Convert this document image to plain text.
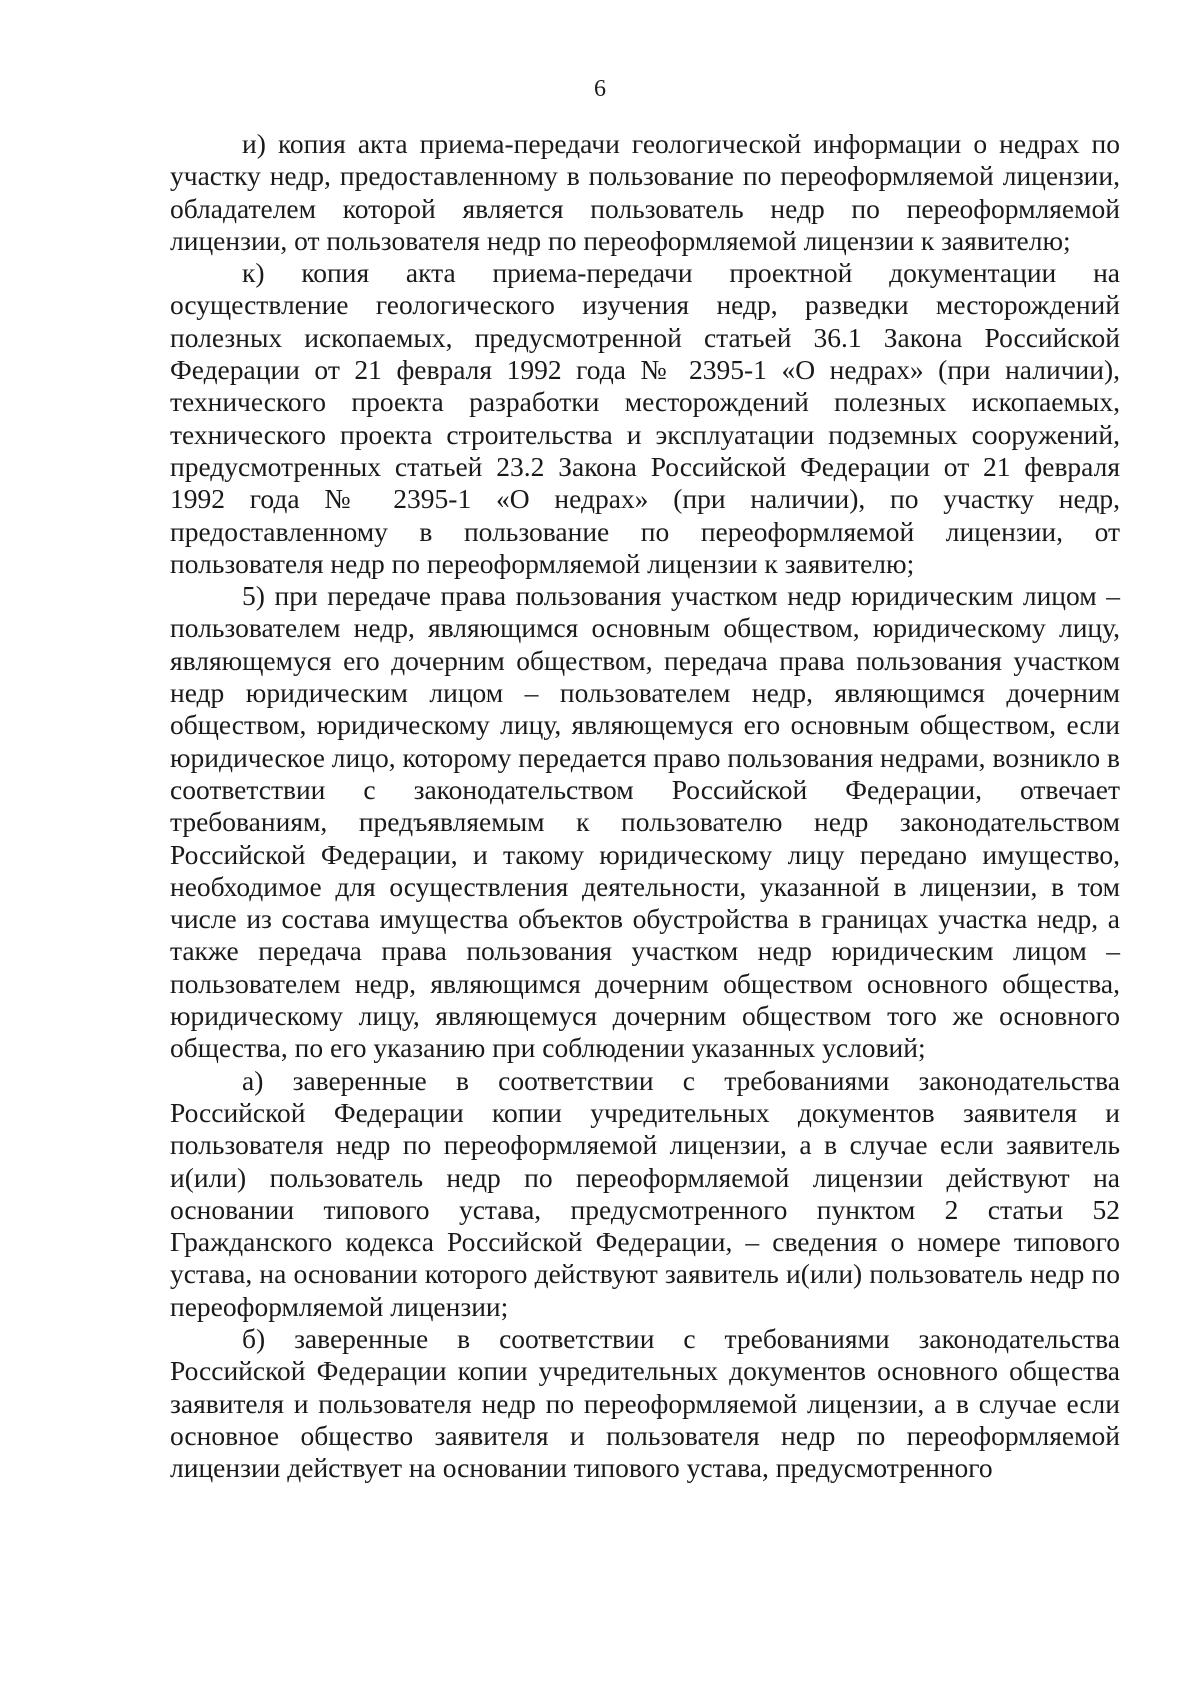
6

и) копия акта приема-передачи геологической информации о недрах по участку недр, предоставленному в пользование по переоформляемой лицензии, обладателем которой является пользователь недр по переоформляемой лицензии, от пользователя недр по переоформляемой лицензии к заявителю;

к) копия акта приема-передачи проектной документации на осуществление геологического изучения недр, разведки месторождений полезных ископаемых, предусмотренной статьей 36.1 Закона Российской Федерации от 21 февраля 1992 года № 2395-1 «О недрах» (при наличии), технического проекта разработки месторождений полезных ископаемых, технического проекта строительства и эксплуатации подземных сооружений, предусмотренных статьей 23.2 Закона Российской Федерации от 21 февраля 1992 года № 2395-1 «О недрах» (при наличии), по участку недр, предоставленному в пользование по переоформляемой лицензии, от пользователя недр по переоформляемой лицензии к заявителю;

5) при передаче права пользования участком недр юридическим лицом – пользователем недр, являющимся основным обществом, юридическому лицу, являющемуся его дочерним обществом, передача права пользования участком недр юридическим лицом – пользователем недр, являющимся дочерним обществом, юридическому лицу, являющемуся его основным обществом, если юридическое лицо, которому передается право пользования недрами, возникло в соответствии с законодательством Российской Федерации, отвечает требованиям, предъявляемым к пользователю недр законодательством Российской Федерации, и такому юридическому лицу передано имущество, необходимое для осуществления деятельности, указанной в лицензии, в том числе из состава имущества объектов обустройства в границах участка недр, а также передача права пользования участком недр юридическим лицом – пользователем недр, являющимся дочерним обществом основного общества, юридическому лицу, являющемуся дочерним обществом того же основного общества, по его указанию при соблюдении указанных условий;

а) заверенные в соответствии с требованиями законодательства Российской Федерации копии учредительных документов заявителя и пользователя недр по переоформляемой лицензии, а в случае если заявитель и(или) пользователь недр по переоформляемой лицензии действуют на основании типового устава, предусмотренного пунктом 2 статьи 52 Гражданского кодекса Российской Федерации, – сведения о номере типового устава, на основании которого действуют заявитель и(или) пользователь недр по переоформляемой лицензии;

б) заверенные в соответствии с требованиями законодательства Российской Федерации копии учредительных документов основного общества заявителя и пользователя недр по переоформляемой лицензии, а в случае если основное общество заявителя и пользователя недр по переоформляемой лицензии действует на основании типового устава, предусмотренного
